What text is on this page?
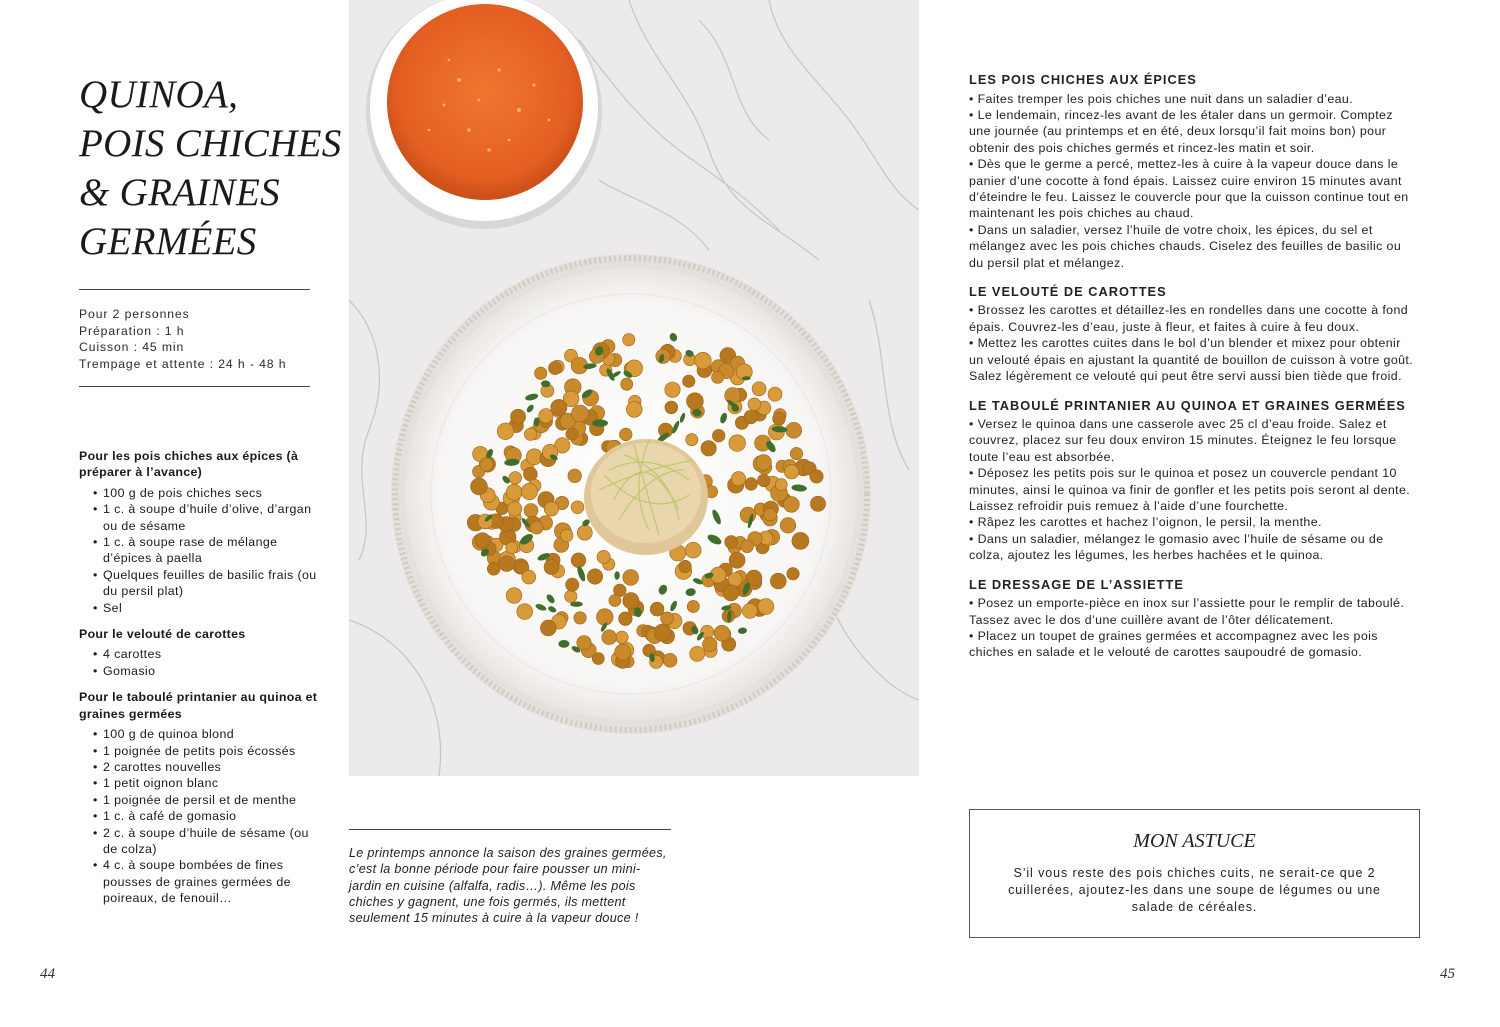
QUINOA,
POIS CHICHES
& GRAINES
GERMÉES
Pour 2 personnes
Préparation : 1 h
Cuisson : 45 min
Trempage et attente : 24 h - 48 h
Pour les pois chiches aux épices (à préparer à l’avance)
• 100 g de pois chiches secs
• 1 c. à soupe d’huile d’olive, d’argan ou de sésame
• 1 c. à soupe rase de mélange d’épices à paella
• Quelques feuilles de basilic frais (ou du persil plat)
• Sel
Pour le velouté de carottes
• 4 carottes
• Gomasio
Pour le taboulé printanier au quinoa et graines germées
• 100 g de quinoa blond
• 1 poignée de petits pois écossés
• 2 carottes nouvelles
• 1 petit oignon blanc
• 1 poignée de persil et de menthe
• 1 c. à café de gomasio
• 2 c. à soupe d’huile de sésame (ou de colza)
• 4 c. à soupe bombées de fines pousses de graines germées de poireaux, de fenouil…
44

Le printemps annonce la saison des graines germées, c’est la bonne période pour faire pousser un mini-jardin en cuisine (alfalfa, radis…). Même les pois chiches y gagnent, une fois germés, ils mettent seulement 15 minutes à cuire à la vapeur douce !

LES POIS CHICHES AUX ÉPICES

• Faites tremper les pois chiches une nuit dans un saladier d’eau.

• Le lendemain, rincez-les avant de les étaler dans un germoir. Comptez une journée (au printemps et en été, deux lorsqu’il fait moins bon) pour obtenir des pois chiches germés et rincez-les matin et soir.

• Dès que le germe a percé, mettez-les à cuire à la vapeur douce dans le panier d’une cocotte à fond épais. Laissez cuire environ 15 minutes avant d’éteindre le feu. Laissez le couvercle pour que la cuisson continue tout en maintenant les pois chiches au chaud.

• Dans un saladier, versez l’huile de votre choix, les épices, du sel et mélangez avec les pois chiches chauds. Ciselez des feuilles de basilic ou du persil plat et mélangez.

LE VELOUTÉ DE CAROTTES

• Brossez les carottes et détaillez-les en rondelles dans une cocotte à fond épais. Couvrez-les d’eau, juste à fleur, et faites à cuire à feu doux.

• Mettez les carottes cuites dans le bol d’un blender et mixez pour obtenir un velouté épais en ajustant la quantité de bouillon de cuisson à votre goût. Salez légèrement ce velouté qui peut être servi aussi bien tiède que froid.

LE TABOULÉ PRINTANIER AU QUINOA ET GRAINES GERMÉES

• Versez le quinoa dans une casserole avec 25 cl d’eau froide. Salez et couvrez, placez sur feu doux environ 15 minutes. Éteignez le feu lorsque toute l’eau est absorbée.

• Déposez les petits pois sur le quinoa et posez un couvercle pendant 10 minutes, ainsi le quinoa va finir de gonfler et les petits pois seront al dente. Laissez refroidir puis remuez à l’aide d’une fourchette.

• Râpez les carottes et hachez l’oignon, le persil, la menthe.

• Dans un saladier, mélangez le gomasio avec l’huile de sésame ou de colza, ajoutez les légumes, les herbes hachées et le quinoa.

LE DRESSAGE DE L’ASSIETTE

• Posez un emporte-pièce en inox sur l’assiette pour le remplir de taboulé. Tassez avec le dos d’une cuillère avant de l’ôter délicatement.

• Placez un toupet de graines germées et accompagnez avec les pois chiches en salade et le velouté de carottes saupoudré de gomasio.

MON ASTUCE
S’il vous reste des pois chiches cuits, ne serait-ce que 2 cuillerées, ajoutez-les dans une soupe de légumes ou une salade de céréales.
45
